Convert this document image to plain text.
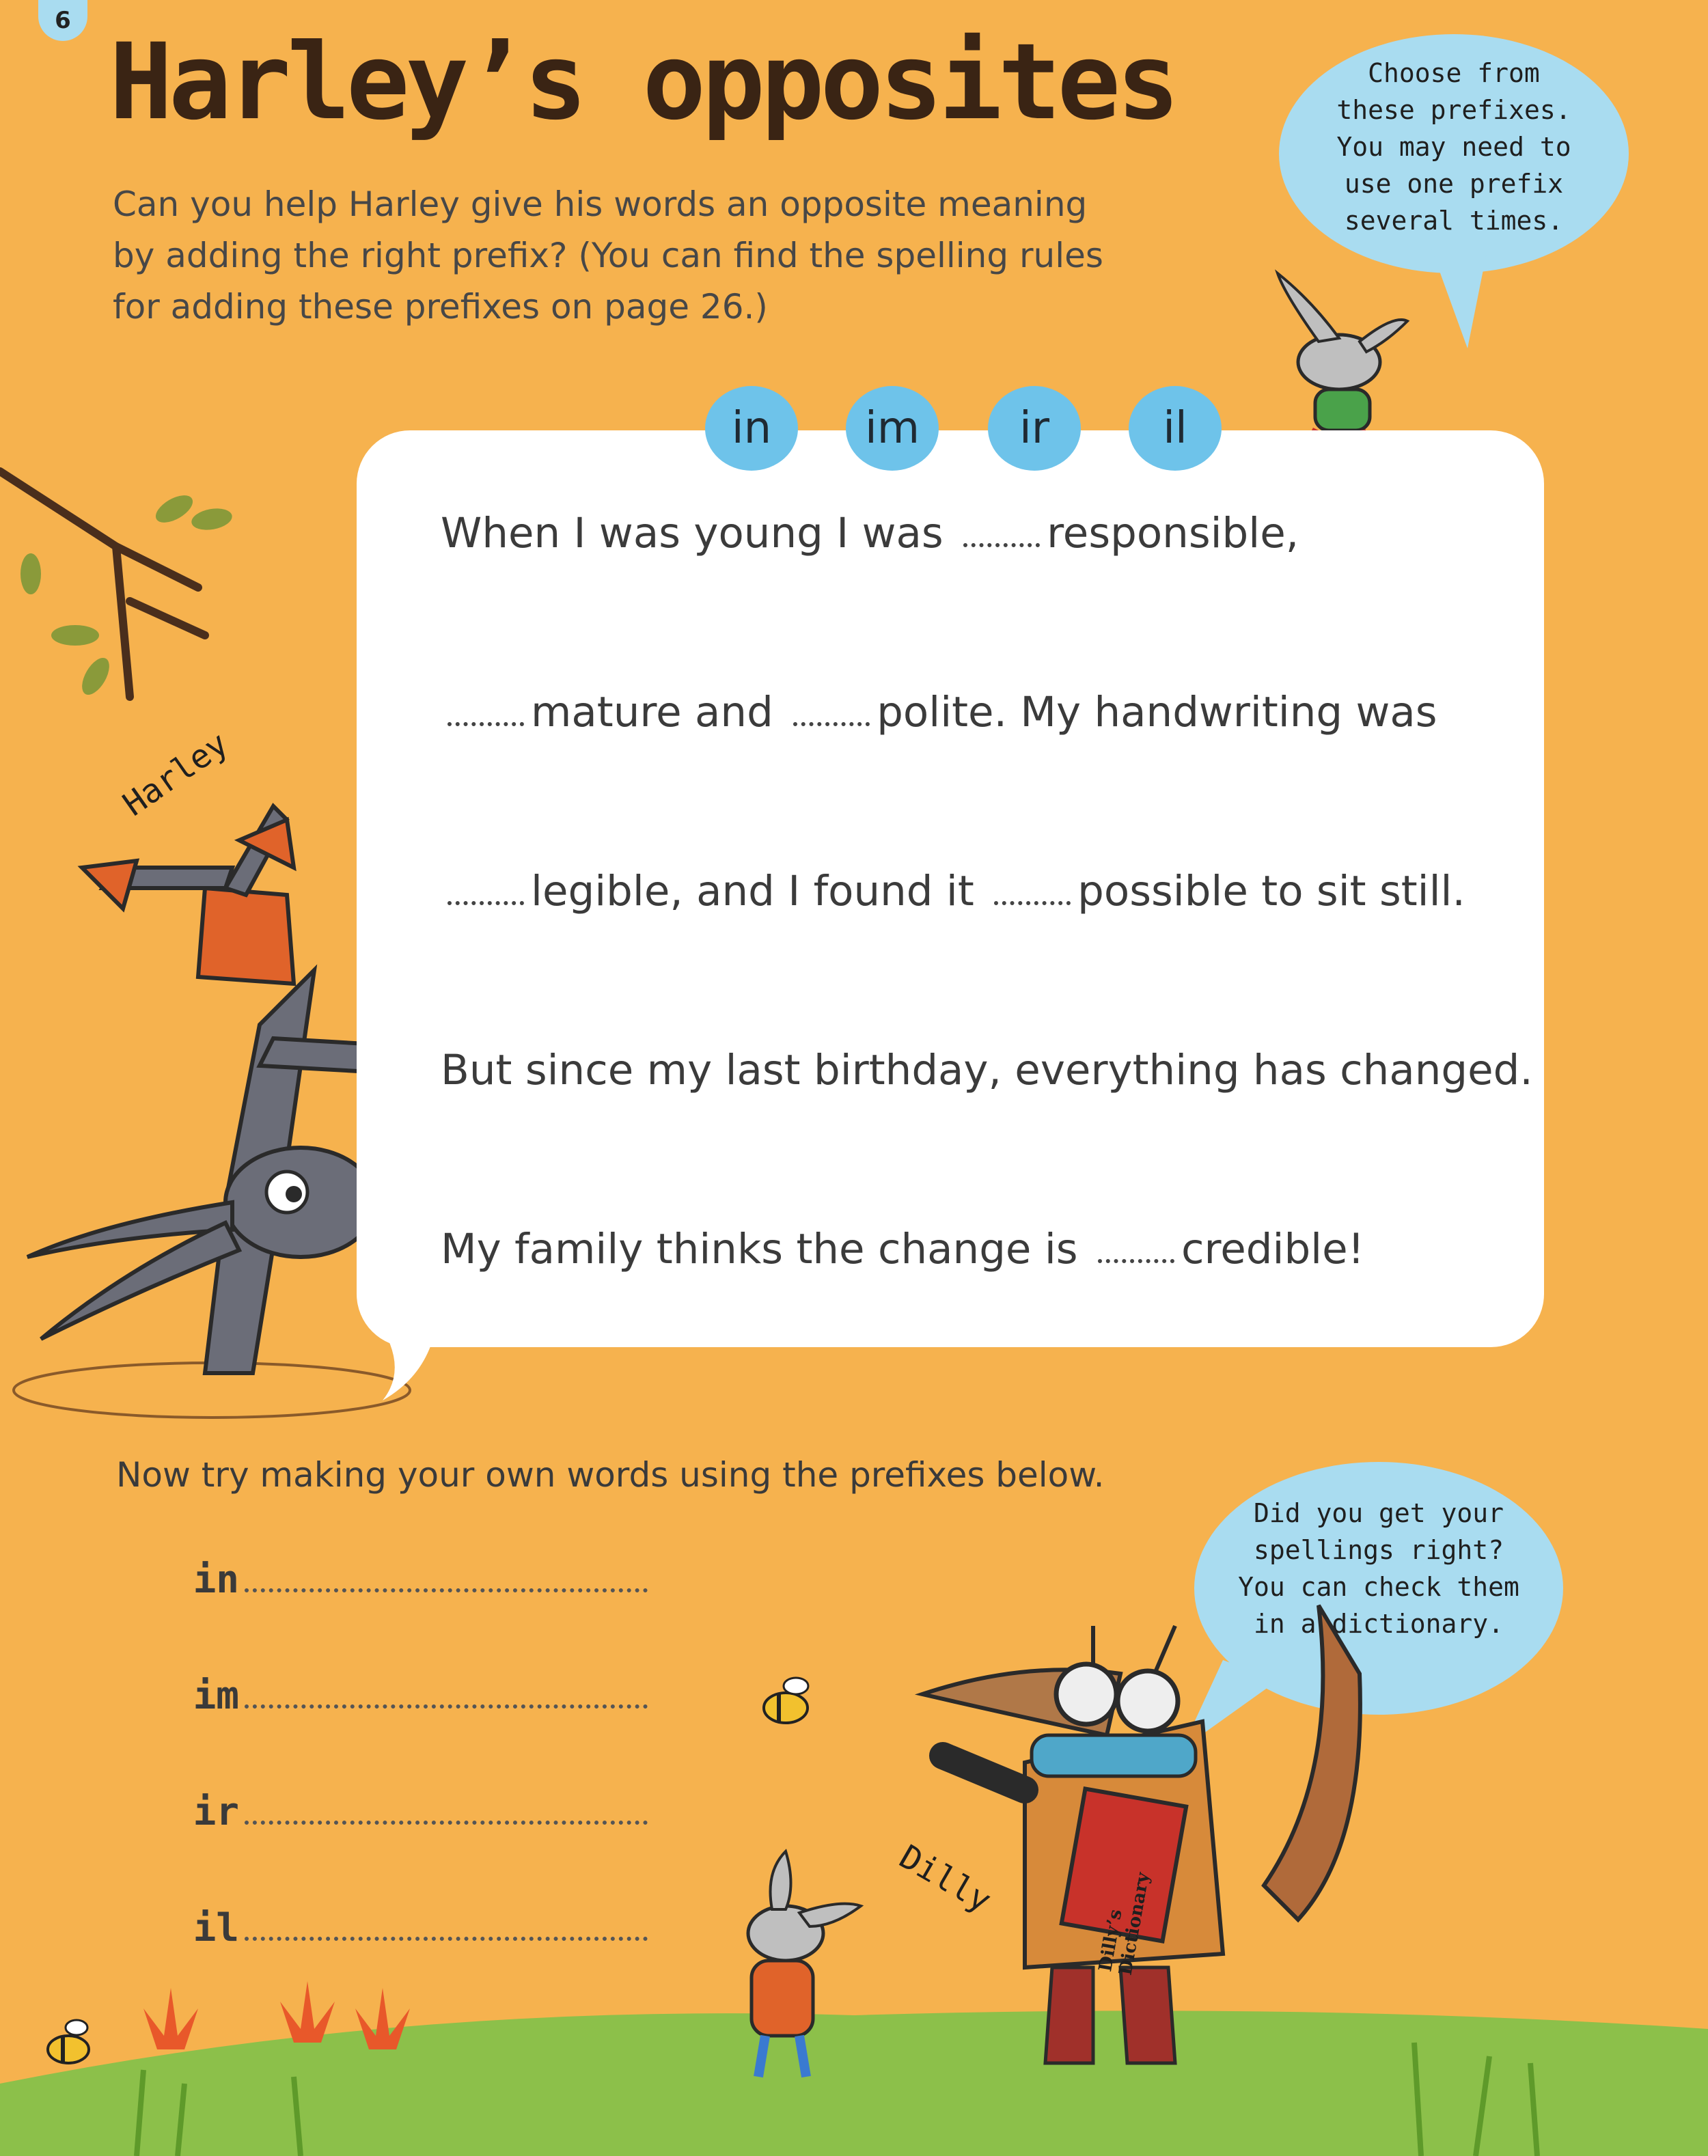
6
Harley’s opposites
Can you help Harley give his words an opposite meaning
by adding the right prefix? (You can find the spelling rules
for adding these prefixes on page 26.)
Choose from
these prefixes.
You may need to
use one prefix
several times.
Harley
Dilly
Dilly’s Dictionary
in	im	ir	il
When I was young I was responsible,
mature and polite. My handwriting was
legible, and I found it possible to sit still.
But since my last birthday, everything has changed.
My family thinks the change is credible!
Now try making your own words using the prefixes below.
in
im
ir
il
Did you get your
spellings right?
You can check them
in a dictionary.
